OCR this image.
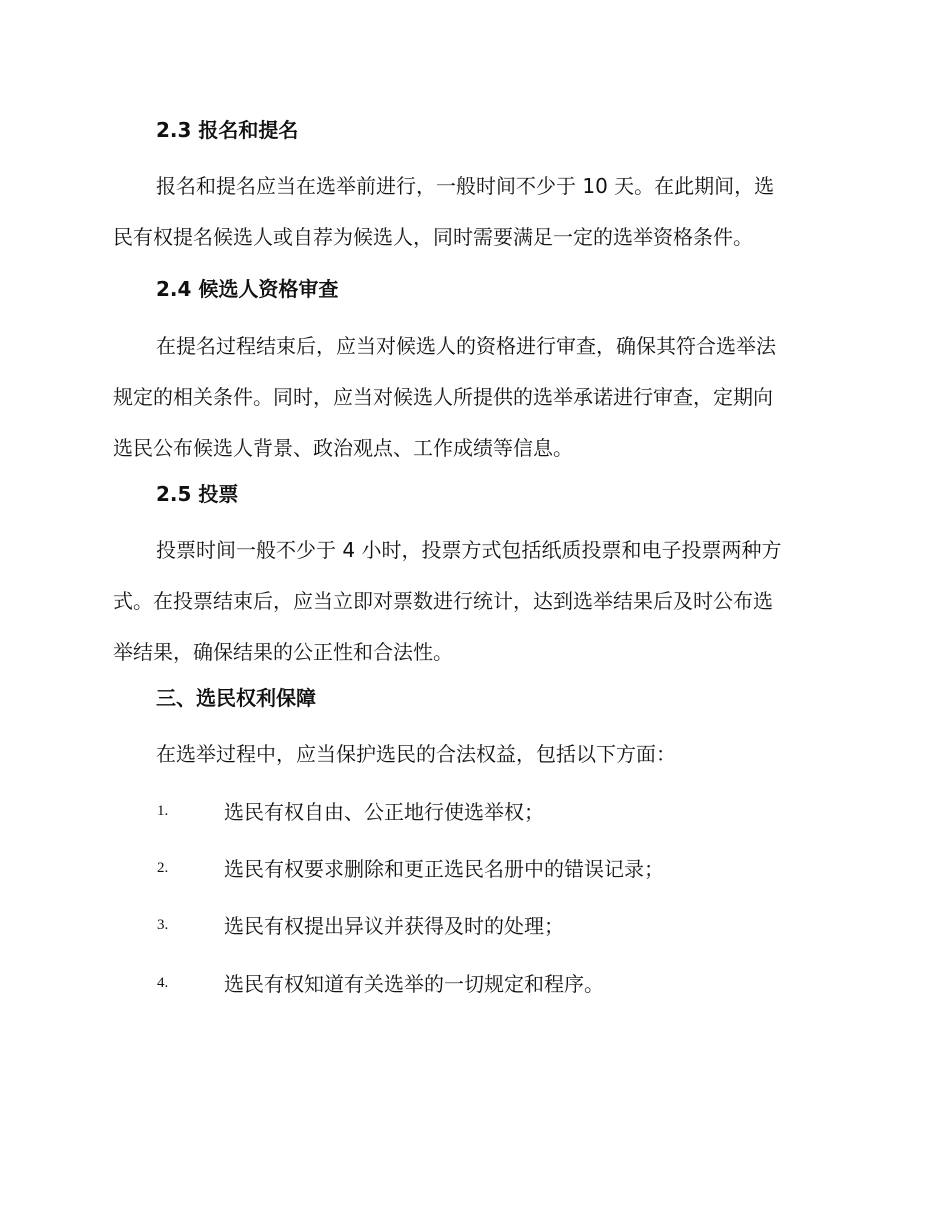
2.3 报名和提名
报名和提名应当在选举前进行，一般时间不少于 10 天。在此期间，选
民有权提名候选人或自荐为候选人，同时需要满足一定的选举资格条件。
2.4 候选人资格审查
在提名过程结束后，应当对候选人的资格进行审查，确保其符合选举法
规定的相关条件。同时，应当对候选人所提供的选举承诺进行审查，定期向
选民公布候选人背景、政治观点、工作成绩等信息。
2.5 投票
投票时间一般不少于 4 小时，投票方式包括纸质投票和电子投票两种方
式。在投票结束后，应当立即对票数进行统计，达到选举结果后及时公布选
举结果，确保结果的公正性和合法性。
三、选民权利保障
在选举过程中，应当保护选民的合法权益，包括以下方面：
1.	选民有权自由、公正地行使选举权；
2.	选民有权要求删除和更正选民名册中的错误记录；
3.	选民有权提出异议并获得及时的处理；
4.	选民有权知道有关选举的一切规定和程序。
